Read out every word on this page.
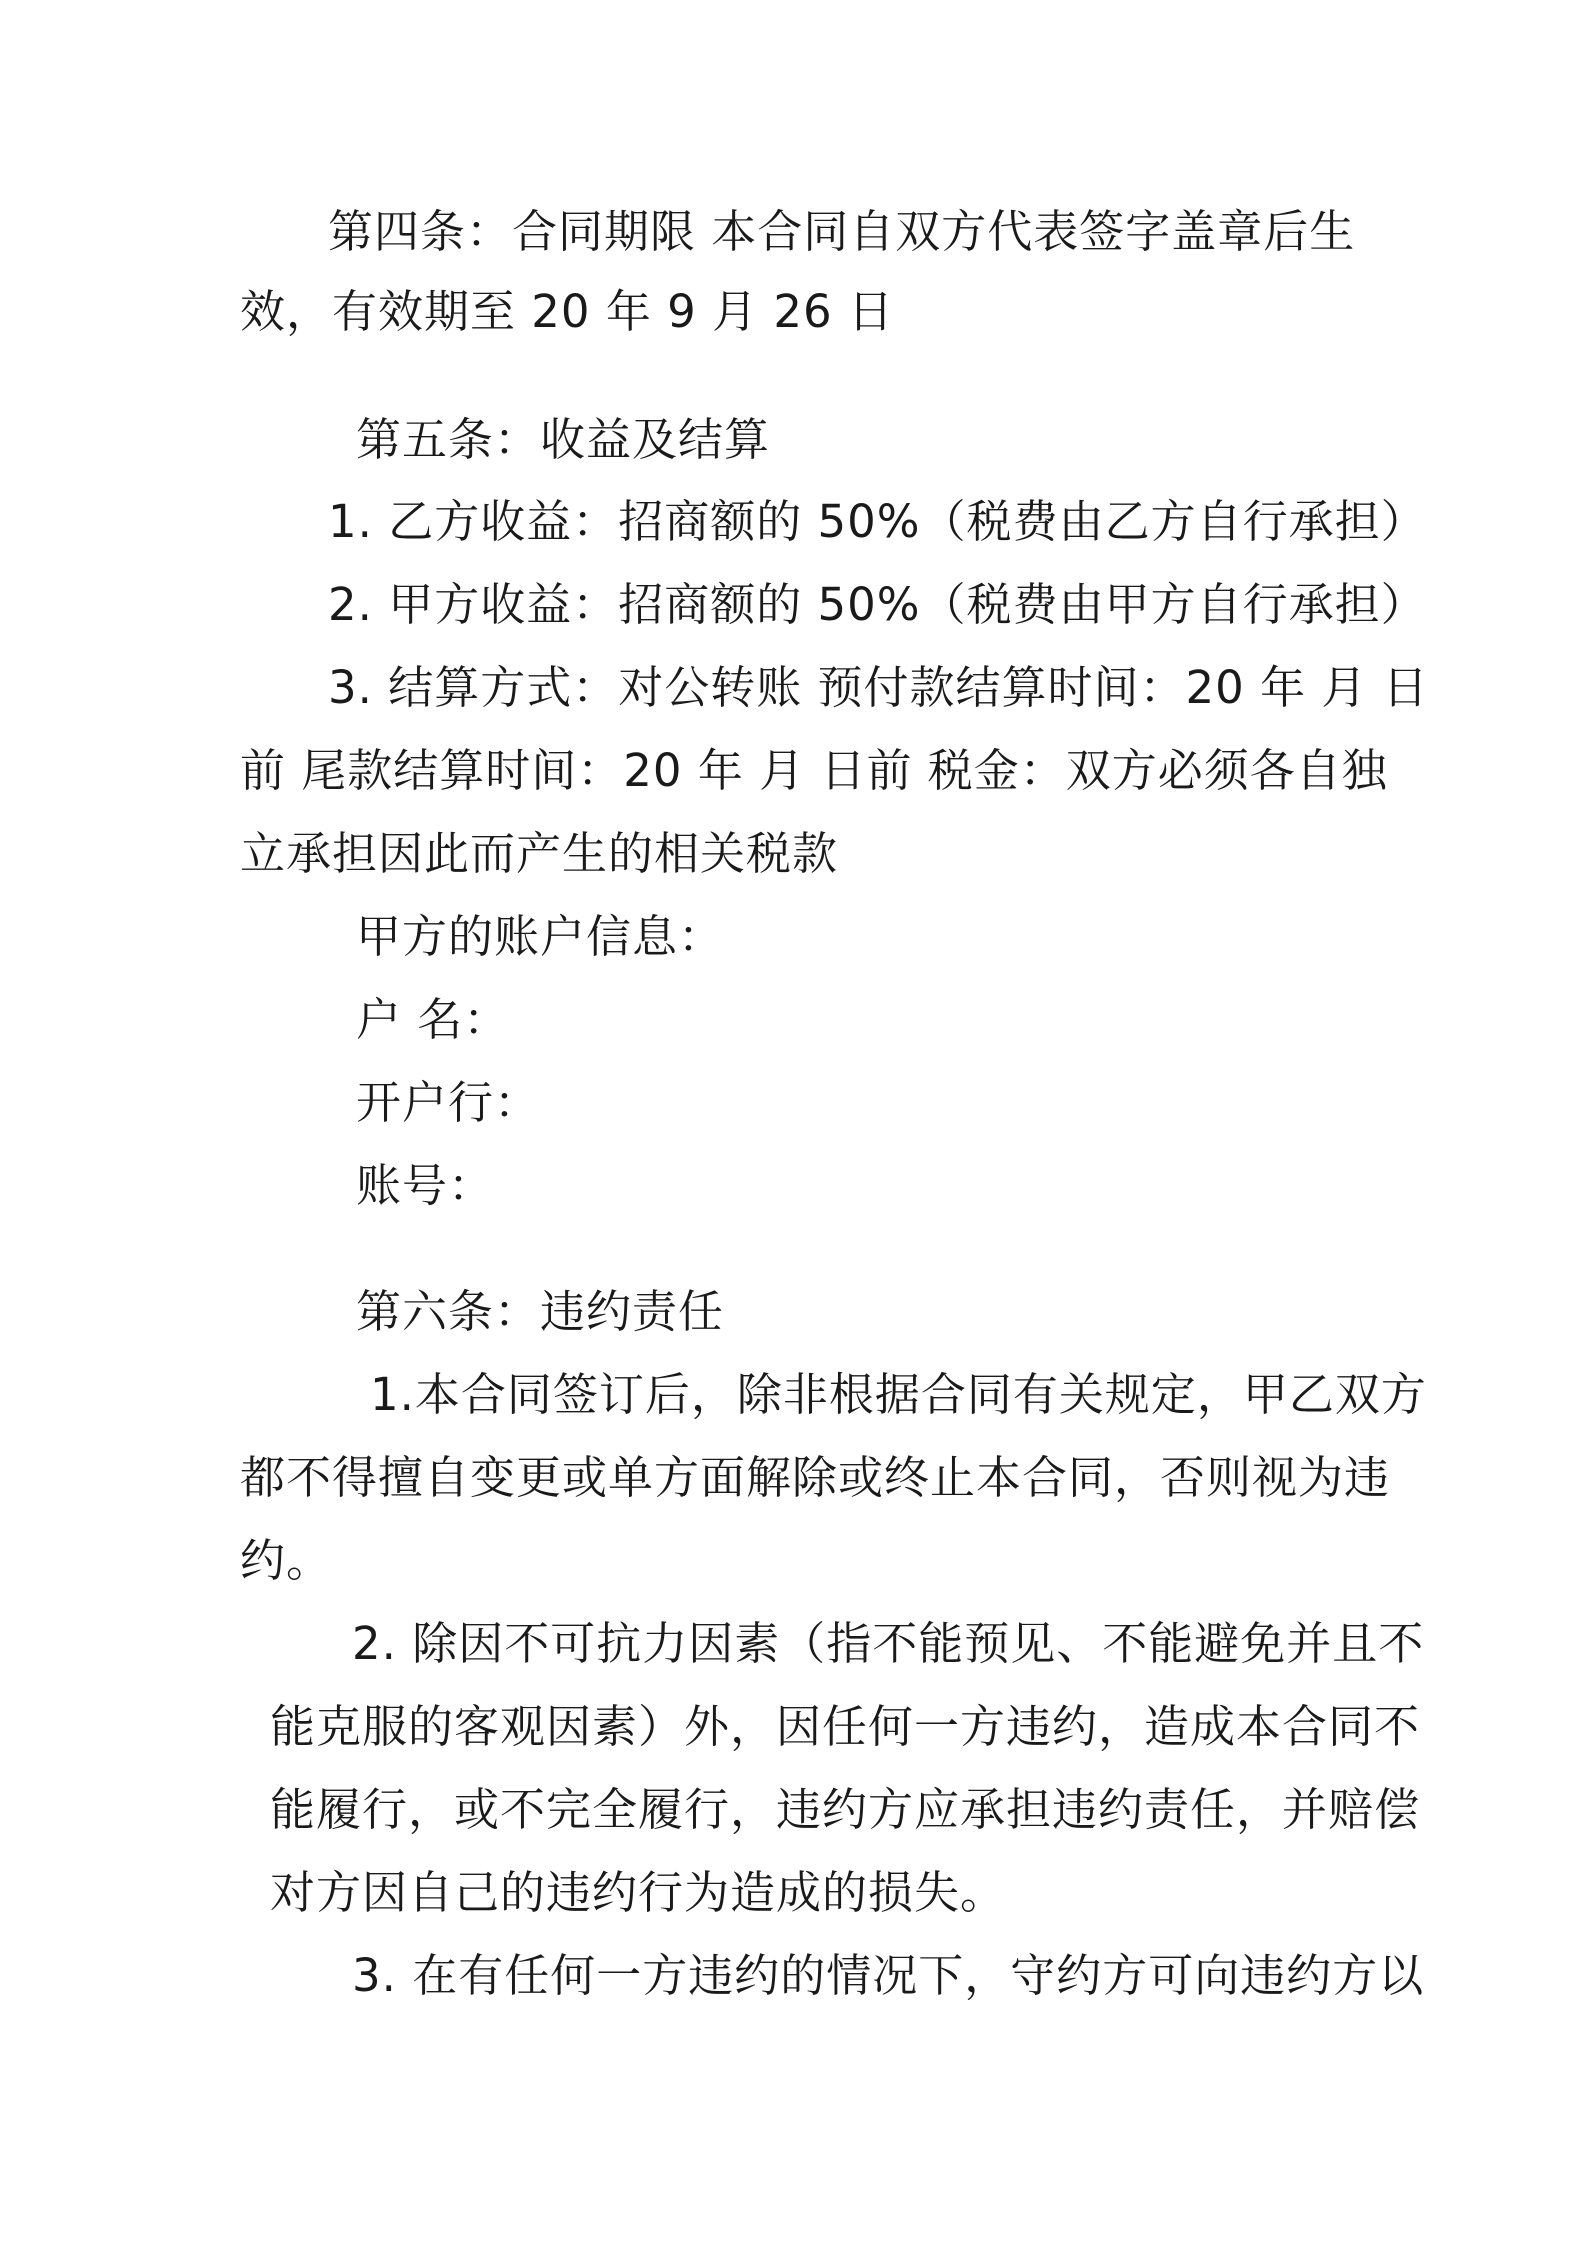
第四条：合同期限 本合同自双方代表签字盖章后生
效，有效期至 20 年 9 月 26 日
第五条：收益及结算
1. 乙方收益：招商额的 50%（税费由乙方自行承担）
2. 甲方收益：招商额的 50%（税费由甲方自行承担）
3. 结算方式：对公转账 预付款结算时间：20 年 月 日
前 尾款结算时间：20 年 月 日前 税金：双方必须各自独
立承担因此而产生的相关税款
甲方的账户信息：
户 名：
开户行：
账号：
第六条：违约责任
1.本合同签订后，除非根据合同有关规定，甲乙双方
都不得擅自变更或单方面解除或终止本合同，否则视为违
约。
2. 除因不可抗力因素（指不能预见、不能避免并且不
能克服的客观因素）外，因任何一方违约，造成本合同不
能履行，或不完全履行，违约方应承担违约责任，并赔偿
对方因自己的违约行为造成的损失。
3. 在有任何一方违约的情况下，守约方可向违约方以
